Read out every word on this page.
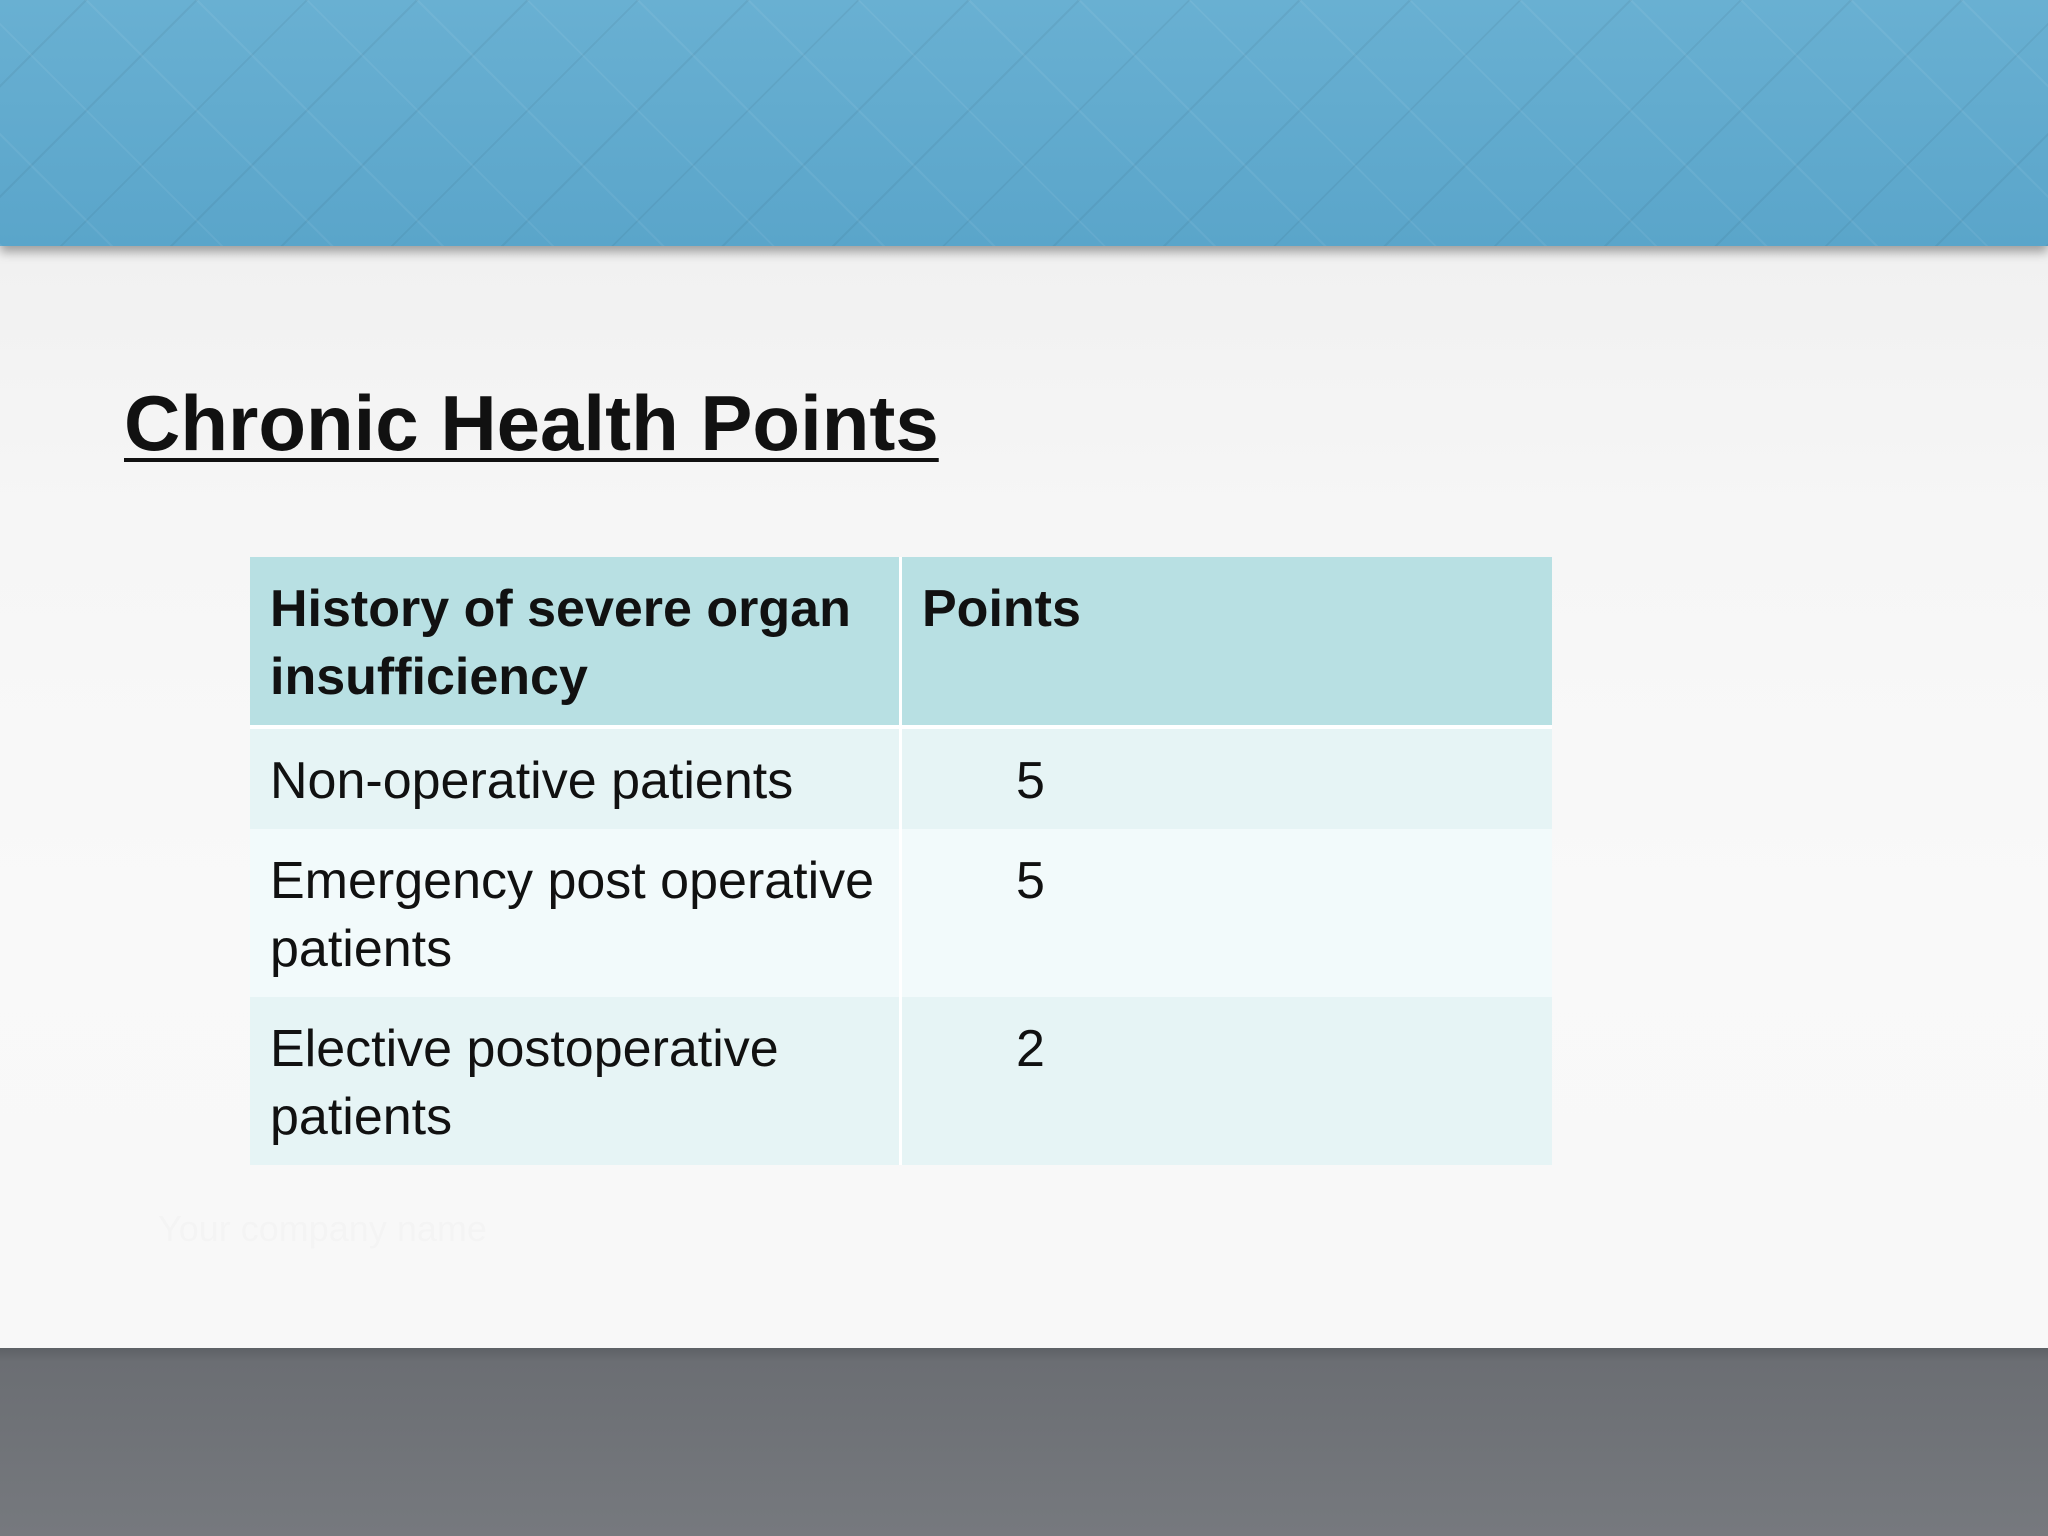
Chronic Health Points
History of severe organ insufficiency	Points
Non-operative patients	5
Emergency post operative patients	5
Elective postoperative patients	2
Your company name
